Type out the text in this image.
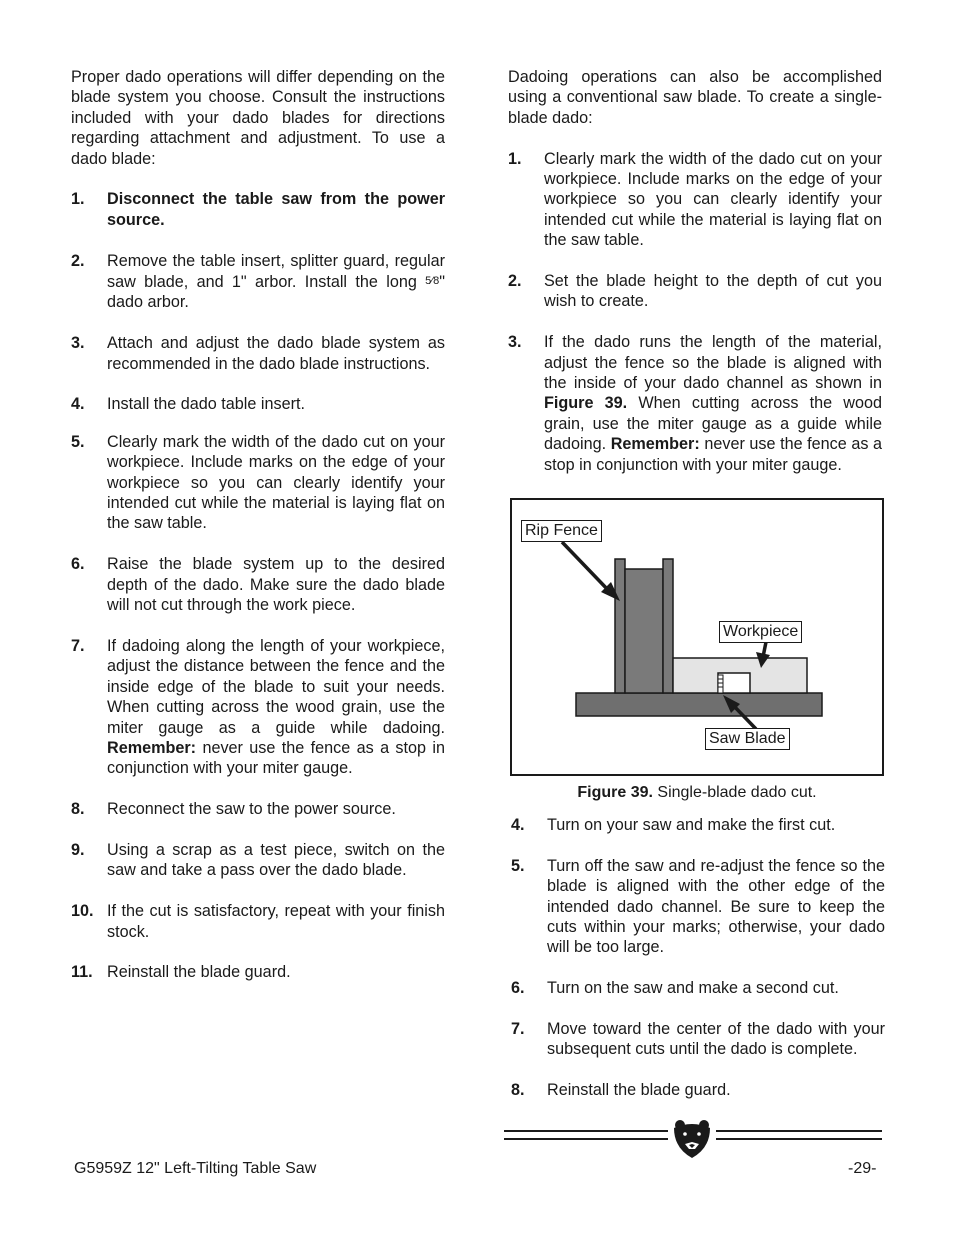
Proper dado operations will differ depending on the blade system you choose. Consult the instructions included with your dado blades for directions regarding attachment and adjustment. To use a dado blade:

1. Disconnect the table saw from the power source.
2. Remove the table insert, splitter guard, regular saw blade, and 1" arbor. Install the long 5⁄8" dado arbor.
3. Attach and adjust the dado blade system as recommended in the dado blade instructions.
4. Install the dado table insert.
5. Clearly mark the width of the dado cut on your workpiece. Include marks on the edge of your workpiece so you can clearly identify your intended cut while the material is laying flat on the saw table.
6. Raise the blade system up to the desired depth of the dado. Make sure the dado blade will not cut through the work piece.
7. If dadoing along the length of your workpiece, adjust the distance between the fence and the inside edge of the blade to suit your needs. When cutting across the wood grain, use the miter gauge as a guide while dadoing. Remember: never use the fence as a stop in conjunction with your miter gauge.
8. Reconnect the saw to the power source.
9. Using a scrap as a test piece, switch on the saw and take a pass over the dado blade.
10. If the cut is satisfactory, repeat with your finish stock.
11. Reinstall the blade guard.

Dadoing operations can also be accomplished using a conventional saw blade. To create a single-blade dado:

1. Clearly mark the width of the dado cut on your workpiece. Include marks on the edge of your workpiece so you can clearly identify your intended cut while the material is laying flat on the saw table.
2. Set the blade height to the depth of cut you wish to create.
3. If the dado runs the length of the material, adjust the fence so the blade is aligned with the inside of your dado channel as shown in Figure 39. When cutting across the wood grain, use the miter gauge as a guide while dadoing. Remember: never use the fence as a stop in conjunction with your miter gauge.
Rip Fence
Workpiece
Saw Blade
Figure 39. Single-blade dado cut.
4. Turn on your saw and make the first cut.
5. Turn off the saw and re-adjust the fence so the blade is aligned with the other edge of the intended dado channel. Be sure to keep the cuts within your marks; otherwise, your dado will be too large.
6. Turn on the saw and make a second cut.
7. Move toward the center of the dado with your subsequent cuts until the dado is complete.
8. Reinstall the blade guard.
G5959Z 12" Left-Tilting Table Saw	-29-
